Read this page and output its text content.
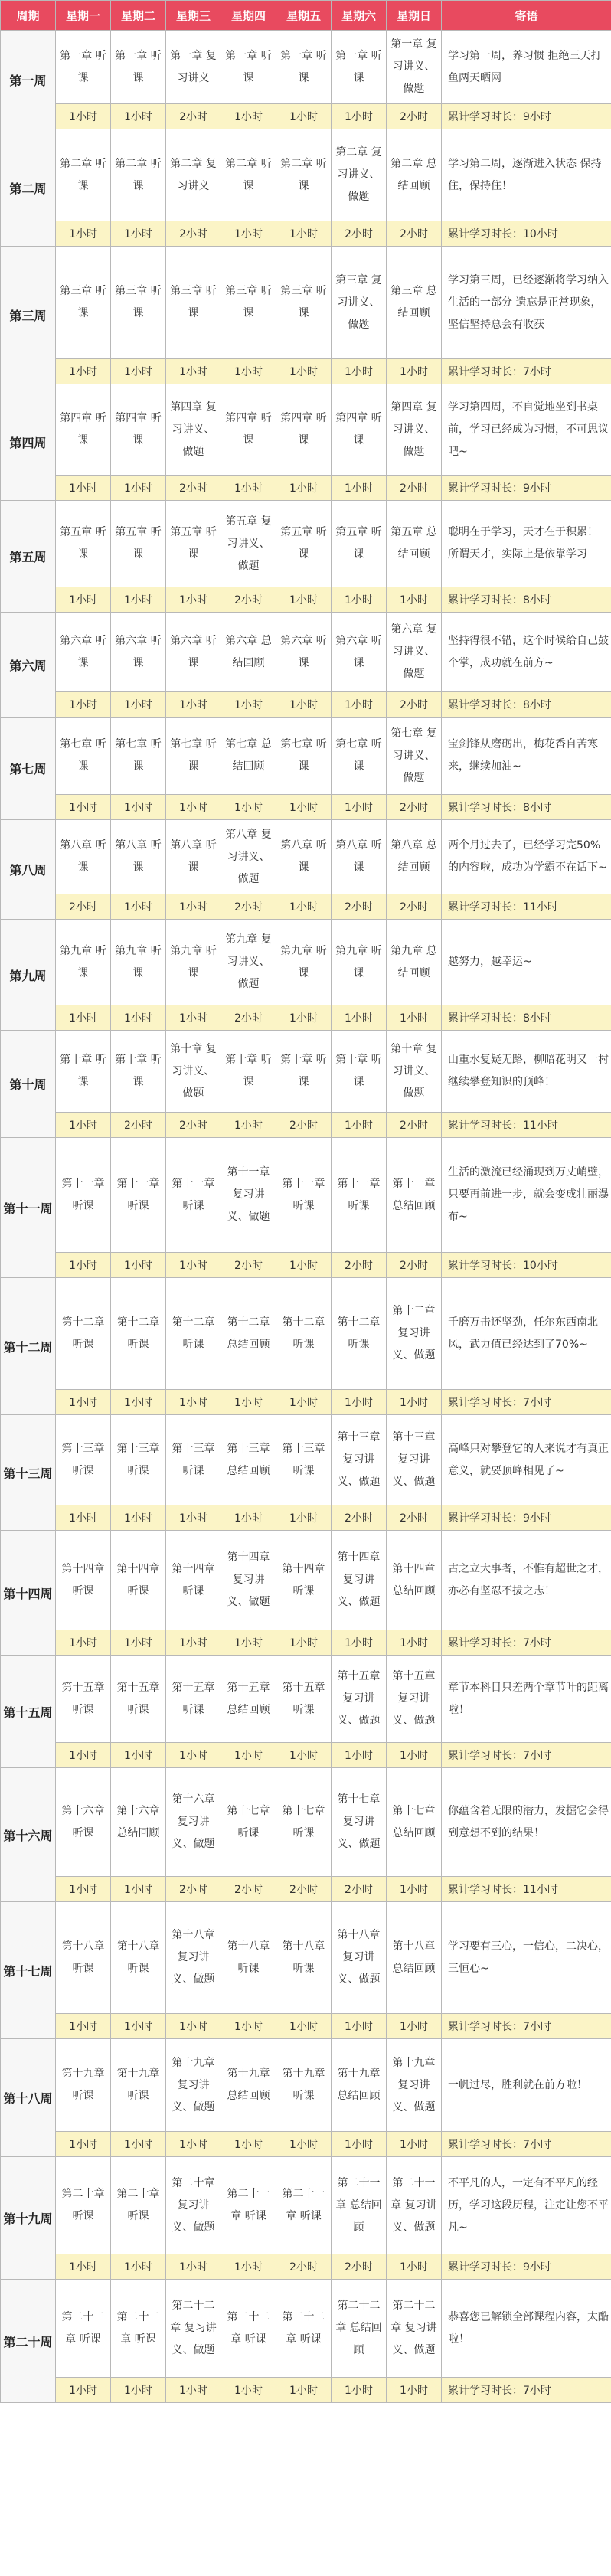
周期	星期一	星期二	星期三	星期四	星期五	星期六	星期日	寄语
第一周	第一章 听课	第一章 听课	第一章 复习讲义	第一章 听课	第一章 听课	第一章 听课	第一章 复习讲义、做题	学习第一周，养习惯 拒绝三天打鱼两天晒网
	1小时	1小时	2小时	1小时	1小时	1小时	2小时	累计学习时长：9小时
第二周	第二章 听课	第二章 听课	第二章 复习讲义	第二章 听课	第二章 听课	第二章 复习讲义、做题	第二章 总结回顾	学习第二周，逐渐进入状态 保持住，保持住！
	1小时	1小时	2小时	1小时	1小时	2小时	2小时	累计学习时长：10小时
第三周	第三章 听课	第三章 听课	第三章 听课	第三章 听课	第三章 听课	第三章 复习讲义、做题	第三章 总结回顾	学习第三周，已经逐渐将学习纳入生活的一部分 遗忘是正常现象，坚信坚持总会有收获
	1小时	1小时	1小时	1小时	1小时	1小时	1小时	累计学习时长：7小时
第四周	第四章 听课	第四章 听课	第四章 复习讲义、做题	第四章 听课	第四章 听课	第四章 听课	第四章 复习讲义、做题	学习第四周，不自觉地坐到书桌前，学习已经成为习惯，不可思议吧~
	1小时	1小时	2小时	1小时	1小时	1小时	2小时	累计学习时长：9小时
第五周	第五章 听课	第五章 听课	第五章 听课	第五章 复习讲义、做题	第五章 听课	第五章 听课	第五章 总结回顾	聪明在于学习，天才在于积累！ 所谓天才，实际上是依靠学习
	1小时	1小时	1小时	2小时	1小时	1小时	1小时	累计学习时长：8小时
第六周	第六章 听课	第六章 听课	第六章 听课	第六章 总结回顾	第六章 听课	第六章 听课	第六章 复习讲义、做题	坚持得很不错，这个时候给自己鼓个掌，成功就在前方~
	1小时	1小时	1小时	1小时	1小时	1小时	2小时	累计学习时长：8小时
第七周	第七章 听课	第七章 听课	第七章 听课	第七章 总结回顾	第七章 听课	第七章 听课	第七章 复习讲义、做题	宝剑锋从磨砺出，梅花香自苦寒来，继续加油~
	1小时	1小时	1小时	1小时	1小时	1小时	2小时	累计学习时长：8小时
第八周	第八章 听课	第八章 听课	第八章 听课	第八章 复习讲义、做题	第八章 听课	第八章 听课	第八章 总结回顾	两个月过去了，已经学习完50%的内容啦，成功为学霸不在话下~
	2小时	1小时	1小时	2小时	1小时	2小时	2小时	累计学习时长：11小时
第九周	第九章 听课	第九章 听课	第九章 听课	第九章 复习讲义、做题	第九章 听课	第九章 听课	第九章 总结回顾	越努力，越幸运~
	1小时	1小时	1小时	2小时	1小时	1小时	1小时	累计学习时长：8小时
第十周	第十章 听课	第十章 听课	第十章 复习讲义、做题	第十章 听课	第十章 听课	第十章 听课	第十章 复习讲义、做题	山重水复疑无路，柳暗花明又一村 继续攀登知识的顶峰！
	1小时	2小时	2小时	1小时	2小时	1小时	2小时	累计学习时长：11小时
第十一周	第十一章 听课	第十一章 听课	第十一章 听课	第十一章 复习讲义、做题	第十一章 听课	第十一章 听课	第十一章 总结回顾	生活的激流已经涌现到万丈峭壁，只要再前进一步，就会变成壮丽瀑布~
	1小时	1小时	1小时	2小时	1小时	2小时	2小时	累计学习时长：10小时
第十二周	第十二章 听课	第十二章 听课	第十二章 听课	第十二章 总结回顾	第十二章 听课	第十二章 听课	第十二章 复习讲义、做题	千磨万击还坚劲，任尔东西南北风，武力值已经达到了70%~
	1小时	1小时	1小时	1小时	1小时	1小时	1小时	累计学习时长：7小时
第十三周	第十三章 听课	第十三章 听课	第十三章 听课	第十三章 总结回顾	第十三章 听课	第十三章 复习讲义、做题	第十三章 复习讲义、做题	高峰只对攀登它的人来说才有真正意义，就要顶峰相见了~
	1小时	1小时	1小时	1小时	1小时	2小时	2小时	累计学习时长：9小时
第十四周	第十四章 听课	第十四章 听课	第十四章 听课	第十四章 复习讲义、做题	第十四章 听课	第十四章 复习讲义、做题	第十四章 总结回顾	古之立大事者，不惟有超世之才，亦必有坚忍不拔之志！
	1小时	1小时	1小时	1小时	1小时	1小时	1小时	累计学习时长：7小时
第十五周	第十五章 听课	第十五章 听课	第十五章 听课	第十五章 总结回顾	第十五章 听课	第十五章 复习讲义、做题	第十五章 复习讲义、做题	章节本科目只差两个章节叶的距离啦！
	1小时	1小时	1小时	1小时	1小时	1小时	1小时	累计学习时长：7小时
第十六周	第十六章 听课	第十六章 总结回顾	第十六章 复习讲义、做题	第十七章 听课	第十七章 听课	第十七章 复习讲义、做题	第十七章 总结回顾	你蕴含着无限的潜力，发掘它会得到意想不到的结果！
	1小时	1小时	2小时	2小时	2小时	2小时	1小时	累计学习时长：11小时
第十七周	第十八章 听课	第十八章 听课	第十八章 复习讲义、做题	第十八章 听课	第十八章 听课	第十八章 复习讲义、做题	第十八章 总结回顾	学习要有三心，一信心，二决心，三恒心~
	1小时	1小时	1小时	1小时	1小时	1小时	1小时	累计学习时长：7小时
第十八周	第十九章 听课	第十九章 听课	第十九章 复习讲义、做题	第十九章 总结回顾	第十九章 听课	第十九章 总结回顾	第十九章 复习讲义、做题	一帆过尽，胜利就在前方啦！
	1小时	1小时	1小时	1小时	1小时	1小时	1小时	累计学习时长：7小时
第十九周	第二十章 听课	第二十章 听课	第二十章 复习讲义、做题	第二十一章 听课	第二十一章 听课	第二十一章 总结回顾	第二十一章 复习讲义、做题	不平凡的人，一定有不平凡的经历，学习这段历程，注定让您不平凡~
	1小时	1小时	1小时	1小时	2小时	2小时	1小时	累计学习时长：9小时
第二十周	第二十二章 听课	第二十二章 听课	第二十二章 复习讲义、做题	第二十二章 听课	第二十二章 听课	第二十二章 总结回顾	第二十二章 复习讲义、做题	恭喜您已解锁全部课程内容，太酷啦！
	1小时	1小时	1小时	1小时	1小时	1小时	1小时	累计学习时长：7小时
